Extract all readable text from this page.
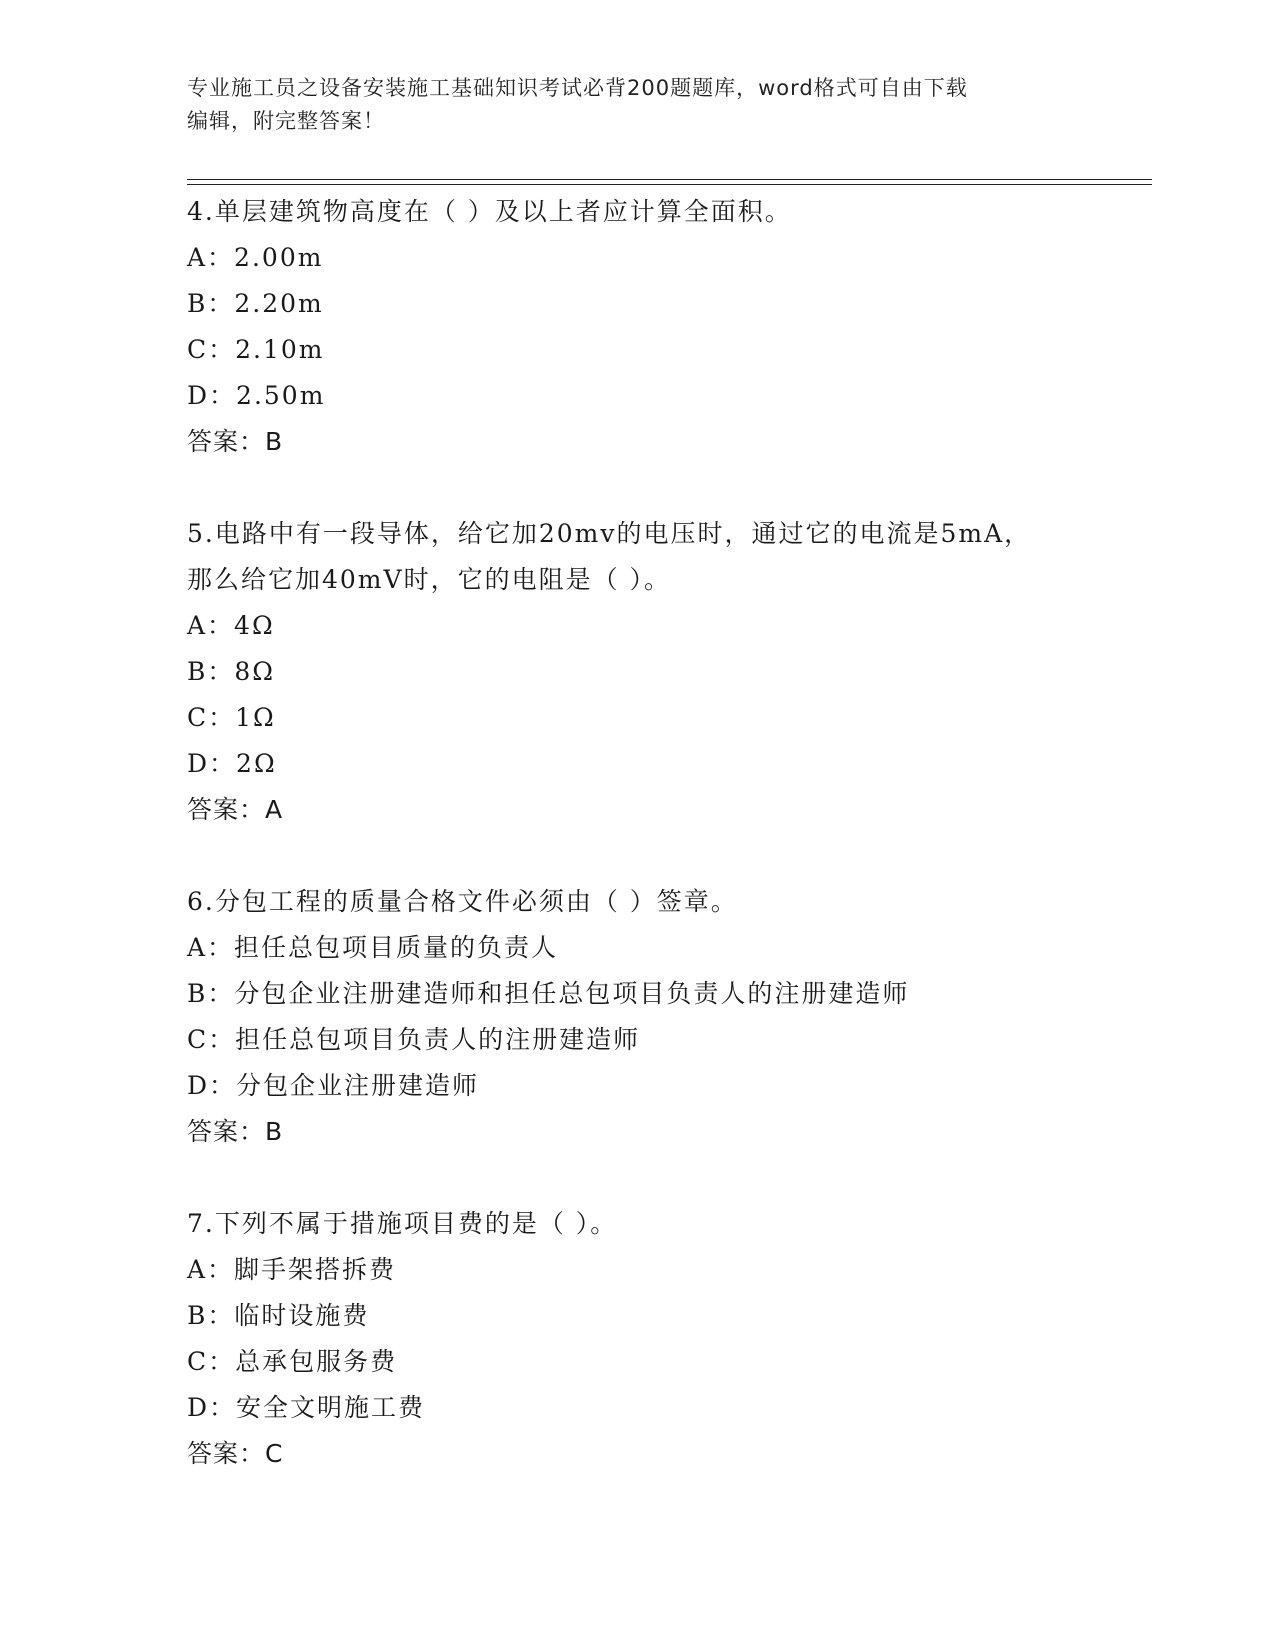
专业施工员之设备安装施工基础知识考试必背200题题库，word格式可自由下载
编辑，附完整答案！
4.单层建筑物高度在（ ）及以上者应计算全面积。
A：2.00m
B：2.20m
C：2.10m
D：2.50m
答案：B
5.电路中有一段导体，给它加20mv的电压时，通过它的电流是5mA，
那么给它加40mV时，它的电阻是（ ）。
A：4Ω
B：8Ω
C：1Ω
D：2Ω
答案：A
6.分包工程的质量合格文件必须由（ ）签章。
A：担任总包项目质量的负责人
B：分包企业注册建造师和担任总包项目负责人的注册建造师
C：担任总包项目负责人的注册建造师
D：分包企业注册建造师
答案：B
7.下列不属于措施项目费的是（ ）。
A：脚手架搭拆费
B：临时设施费
C：总承包服务费
D：安全文明施工费
答案：C
